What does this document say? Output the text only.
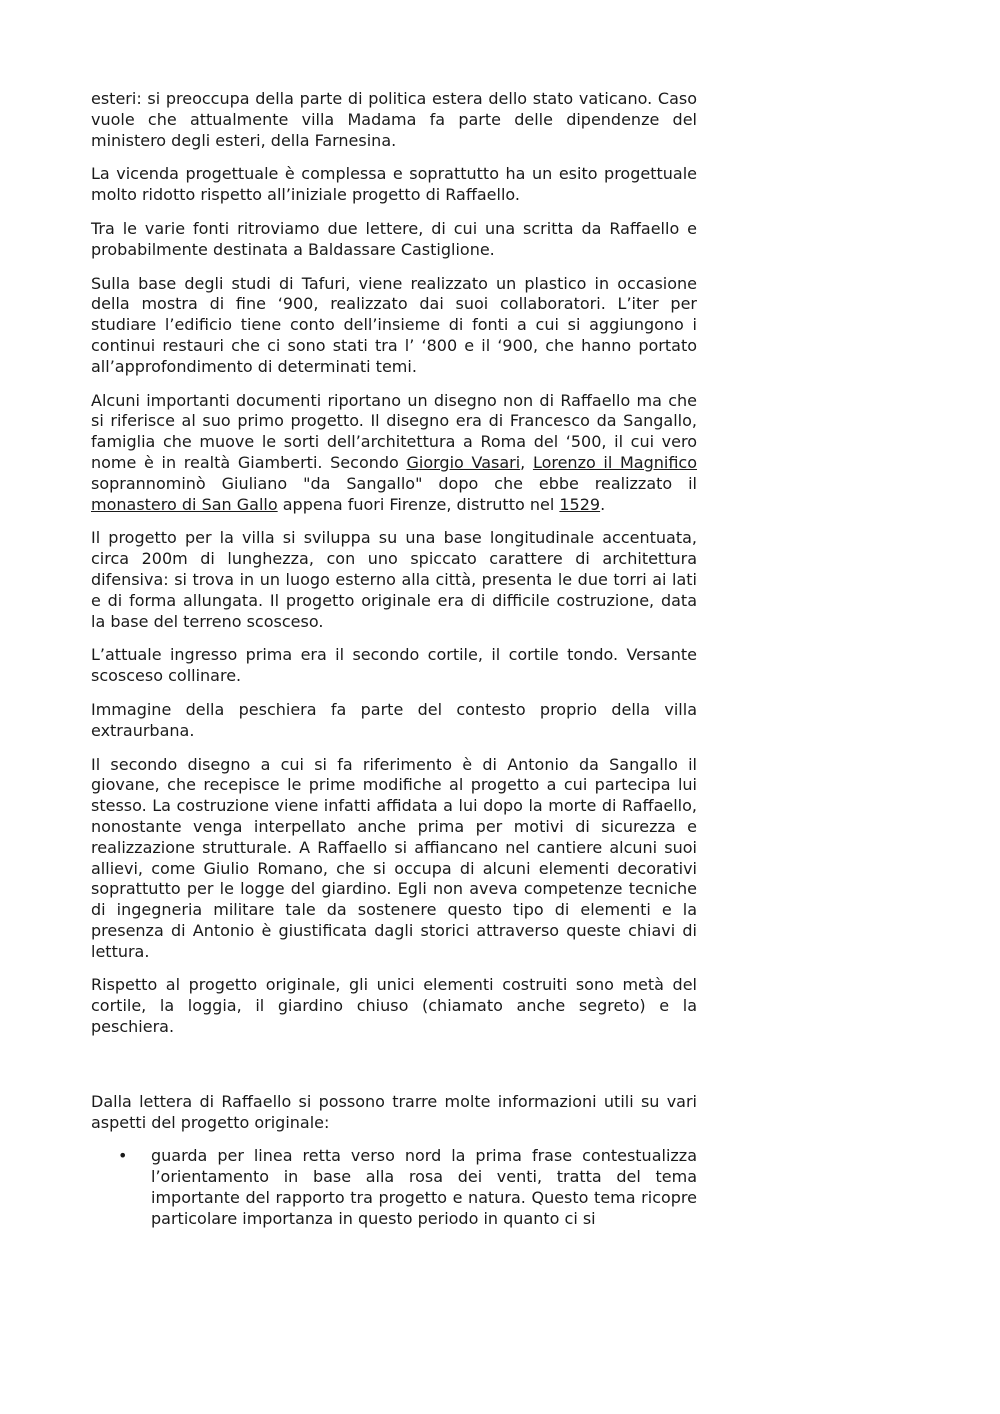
esteri: si preoccupa della parte di politica estera dello stato vaticano. Caso vuole che attualmente villa Madama fa parte delle dipendenze del ministero degli esteri, della Farnesina.

La vicenda progettuale è complessa e soprattutto ha un esito progettuale molto ridotto rispetto all’iniziale progetto di Raffaello.

Tra le varie fonti ritroviamo due lettere, di cui una scritta da Raffaello e probabilmente destinata a Baldassare Castiglione.

Sulla base degli studi di Tafuri, viene realizzato un plastico in occasione della mostra di fine ‘900, realizzato dai suoi collaboratori. L’iter per studiare l’edificio tiene conto dell’insieme di fonti a cui si aggiungono i continui restauri che ci sono stati tra l’ ‘800 e il ‘900, che hanno portato all’approfondimento di determinati temi.

Alcuni importanti documenti riportano un disegno non di Raffaello ma che si riferisce al suo primo progetto. Il disegno era di Francesco da Sangallo, famiglia che muove le sorti dell’architettura a Roma del ‘500, il cui vero nome è in realtà Giamberti. Secondo Giorgio Vasari, Lorenzo il Magnifico soprannominò Giuliano "da Sangallo" dopo che ebbe realizzato il monastero di San Gallo appena fuori Firenze, distrutto nel 1529.

Il progetto per la villa si sviluppa su una base longitudinale accentuata, circa 200m di lunghezza, con uno spiccato carattere di architettura difensiva: si trova in un luogo esterno alla città, presenta le due torri ai lati e di forma allungata. Il progetto originale era di difficile costruzione, data la base del terreno scosceso.

L’attuale ingresso prima era il secondo cortile, il cortile tondo. Versante scosceso collinare.

Immagine della peschiera fa parte del contesto proprio della villa extraurbana.

Il secondo disegno a cui si fa riferimento è di Antonio da Sangallo il giovane, che recepisce le prime modifiche al progetto a cui partecipa lui stesso. La costruzione viene infatti affidata a lui dopo la morte di Raffaello, nonostante venga interpellato anche prima per motivi di sicurezza e realizzazione strutturale. A Raffaello si affiancano nel cantiere alcuni suoi allievi, come Giulio Romano, che si occupa di alcuni elementi decorativi soprattutto per le logge del giardino. Egli non aveva competenze tecniche di ingegneria militare tale da sostenere questo tipo di elementi e la presenza di Antonio è giustificata dagli storici attraverso queste chiavi di lettura.

Rispetto al progetto originale, gli unici elementi costruiti sono metà del cortile, la loggia, il giardino chiuso (chiamato anche segreto) e la peschiera.

Dalla lettera di Raffaello si possono trarre molte informazioni utili su vari aspetti del progetto originale:

• guarda per linea retta verso nord la prima frase contestualizza l’orientamento in base alla rosa dei venti, tratta del tema importante del rapporto tra progetto e natura. Questo tema ricopre particolare importanza in questo periodo in quanto ci si
